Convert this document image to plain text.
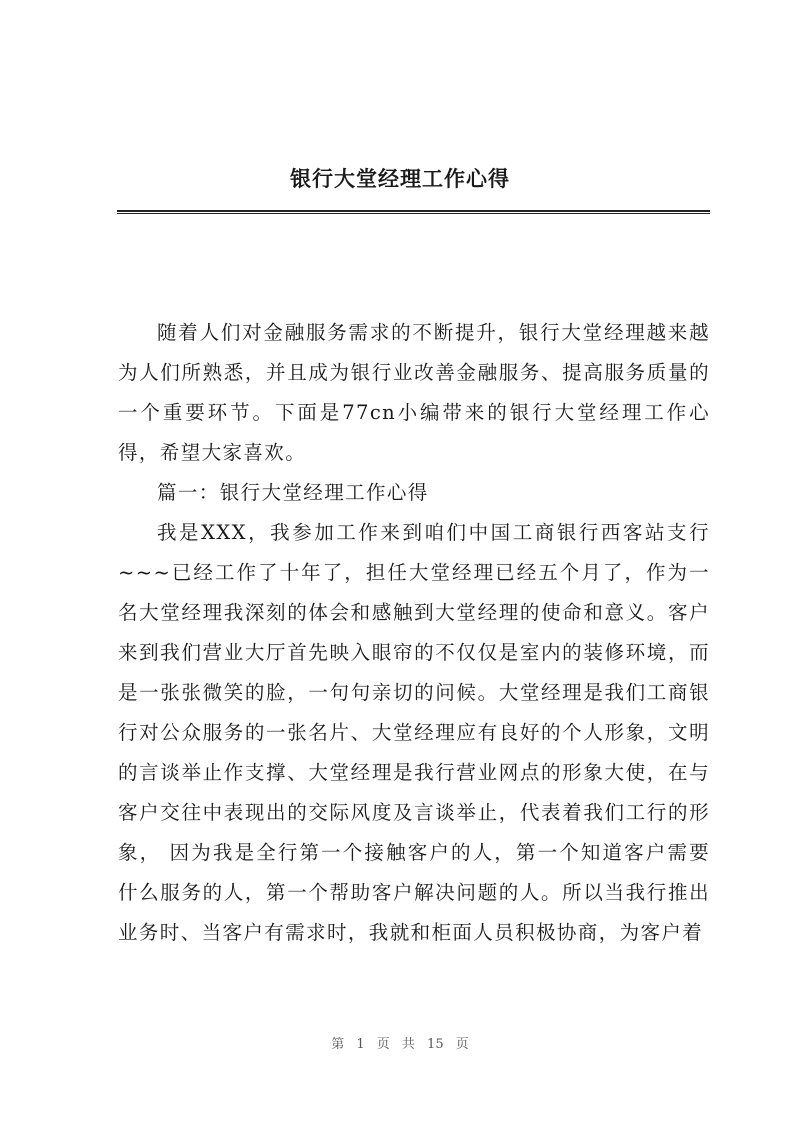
银行大堂经理工作心得

随着人们对金融服务需求的不断提升，银行大堂经理越来越为人们所熟悉，并且成为银行业改善金融服务、提高服务质量的一个重要环节。下面是77cn小编带来的银行大堂经理工作心得，希望大家喜欢。

篇一：银行大堂经理工作心得

我是XXX，我参加工作来到咱们中国工商银行西客站支行~~~已经工作了十年了，担任大堂经理已经五个月了，作为一名大堂经理我深刻的体会和感触到大堂经理的使命和意义。客户来到我们营业大厅首先映入眼帘的不仅仅是室内的装修环境，而是一张张微笑的脸，一句句亲切的问候。大堂经理是我们工商银行对公众服务的一张名片、大堂经理应有良好的个人形象，文明的言谈举止作支撑、大堂经理是我行营业网点的形象大使，在与客户交往中表现出的交际风度及言谈举止，代表着我们工行的形象， 因为我是全行第一个接触客户的人，第一个知道客户需要什么服务的人，第一个帮助客户解决问题的人。所以当我行推出业务时、当客户有需求时，我就和柜面人员积极协商，为客户着

第 1 页 共 15 页
